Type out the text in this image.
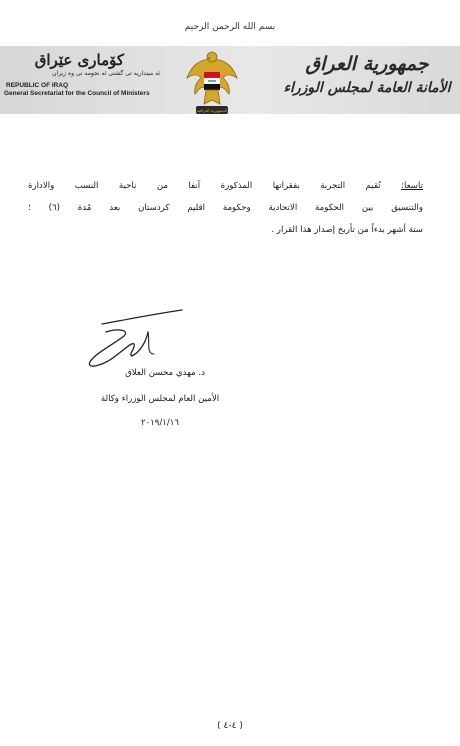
بسم الله الرحمن الرحيم
كۆماری عێراق
ئه مینداریه تی گشتی ئه نجومه نی وه زیران
REPUBLIC OF IRAQ
General Secretariat for the Council of Ministers
جمهورية العراق
الأمانة العامة لمجلس الوزراء
الجمهورية العراقية
تاسعا: تُقيم التجربة بفقراتها المذكورة آنفا من ناحية النسب والادارة
والتنسيق بين الحكومة الاتحادية وحكومة اقليم كردستان بعد مُدة (٦) ؛
ستة أشهر بدءاً من تأريخ إصدار هذا القرار .
د. مهدي محسن العلاق
الأمين العام لمجلس الوزراء وكالة
٢٠١٩/١/١٦
( ٤-٤ )
